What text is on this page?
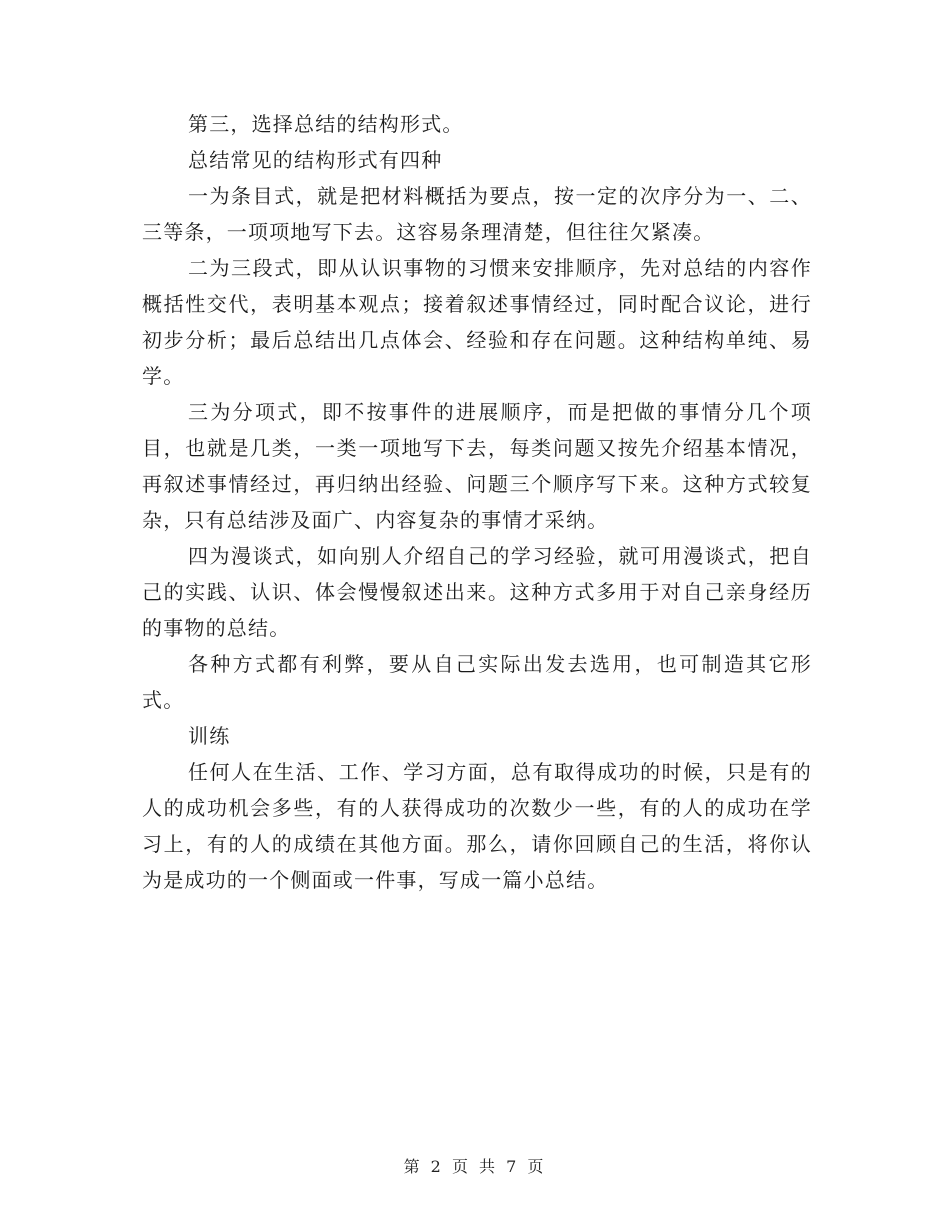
第三，选择总结的结构形式。

总结常见的结构形式有四种

一为条目式，就是把材料概括为要点，按一定的次序分为一、二、三等条，一项项地写下去。这容易条理清楚，但往往欠紧凑。

二为三段式，即从认识事物的习惯来安排顺序，先对总结的内容作概括性交代，表明基本观点；接着叙述事情经过，同时配合议论，进行初步分析；最后总结出几点体会、经验和存在问题。这种结构单纯、易学。

三为分项式，即不按事件的进展顺序，而是把做的事情分几个项目，也就是几类，一类一项地写下去，每类问题又按先介绍基本情况，再叙述事情经过，再归纳出经验、问题三个顺序写下来。这种方式较复杂，只有总结涉及面广、内容复杂的事情才采纳。

四为漫谈式，如向别人介绍自己的学习经验，就可用漫谈式，把自己的实践、认识、体会慢慢叙述出来。这种方式多用于对自己亲身经历的事物的总结。

各种方式都有利弊，要从自己实际出发去选用，也可制造其它形式。

训练

任何人在生活、工作、学习方面，总有取得成功的时候，只是有的人的成功机会多些，有的人获得成功的次数少一些，有的人的成功在学习上，有的人的成绩在其他方面。那么，请你回顾自己的生活，将你认为是成功的一个侧面或一件事，写成一篇小总结。

第 2 页 共 7 页
